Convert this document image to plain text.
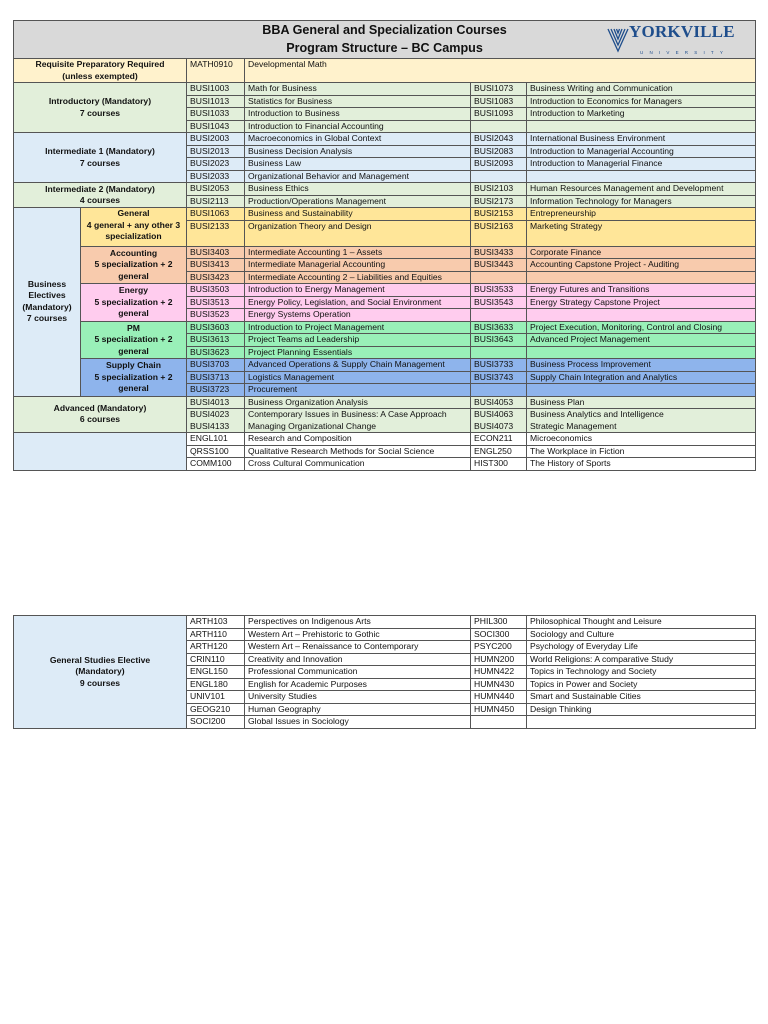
BBA General and Specialization Courses
Program Structure – BC Campus
YORKVILLE
UNIVERSITY					

Requisite Preparatory Required (unless exempted)		MATH0910	Developmental Math		

Introductory (Mandatory)
7 courses		BUSI1003	Math for Business	BUSI1073	Business Writing and Communication
		BUSI1013	Statistics for Business	BUSI1083	Introduction to Economics for Managers
		BUSI1033	Introduction to Business	BUSI1093	Introduction to Marketing
		BUSI1043	Introduction to Financial Accounting		

Intermediate 1 (Mandatory)
7 courses		BUSI2003	Macroeconomics in Global Context	BUSI2043	International Business Environment
		BUSI2013	Business Decision Analysis	BUSI2083	Introduction to Managerial Accounting
		BUSI2023	Business Law	BUSI2093	Introduction to Managerial Finance
		BUSI2033	Organizational Behavior and Management		

Intermediate 2 (Mandatory)
4 courses		BUSI2053	Business Ethics	BUSI2103	Human Resources Management and Development
		BUSI2113	Production/Operations Management	BUSI2173	Information Technology for Managers

Business
Electives
(Mandatory)
7 courses	General
4 general + any other 3 specialization	BUSI1063	Business and Sustainability	BUSI2153	Entrepreneurship
		BUSI2133	Organization Theory and Design	BUSI2163	Marketing Strategy

	Accounting
5 specialization + 2 general	BUSI3403	Intermediate Accounting 1 – Assets	BUSI3433	Corporate Finance
		BUSI3413	Intermediate Managerial Accounting	BUSI3443	Accounting Capstone Project - Auditing
		BUSI3423	Intermediate Accounting 2 – Liabilities and Equities		

	Energy
5 specialization + 2 general	BUSI3503	Introduction to Energy Management	BUSI3533	Energy Futures and Transitions
		BUSI3513	Energy Policy, Legislation, and Social Environment	BUSI3543	Energy Strategy Capstone Project
		BUSI3523	Energy Systems Operation		

	PM
5 specialization + 2 general	BUSI3603	Introduction to Project Management	BUSI3633	Project Execution, Monitoring, Control and Closing
		BUSI3613	Project Teams ad Leadership	BUSI3643	Advanced Project Management
		BUSI3623	Project Planning Essentials		

	Supply Chain
5 specialization + 2 general	BUSI3703	Advanced Operations & Supply Chain Management	BUSI3733	Business Process Improvement
		BUSI3713	Logistics Management	BUSI3743	Supply Chain Integration and Analytics
		BUSI3723	Procurement		

Advanced (Mandatory)
6 courses		BUSI4013	Business Organization Analysis	BUSI4053	Business Plan
		BUSI4023	Contemporary Issues in Business: A Case Approach	BUSI4063	Business Analytics and Intelligence
		BUSI4133	Managing Organizational Change	BUSI4073	Strategic Management
		ENGL101	Research and Composition	ECON211	Microeconomics
		QRSS100	Qualitative Research Methods for Social Science	ENGL250	The Workplace in Fiction
		COMM100	Cross Cultural Communication	HIST300	The History of Sports
General Studies Elective (Mandatory)
9 courses	ARTH103	Perspectives on Indigenous Arts	PHIL300	Philosophical Thought and Leisure
	ARTH110	Western Art – Prehistoric to Gothic	SOCI300	Sociology and Culture
	ARTH120	Western Art – Renaissance to Contemporary	PSYC200	Psychology of Everyday Life
	CRIN110	Creativity and Innovation	HUMN200	World Religions: A comparative Study
	ENGL150	Professional Communication	HUMN422	Topics in Technology and Society
	ENGL180	English for Academic Purposes	HUMN430	Topics in Power and Society
	UNIV101	University Studies	HUMN440	Smart and Sustainable Cities
	GEOG210	Human Geography	HUMN450	Design Thinking
	SOCI200	Global Issues in Sociology		
